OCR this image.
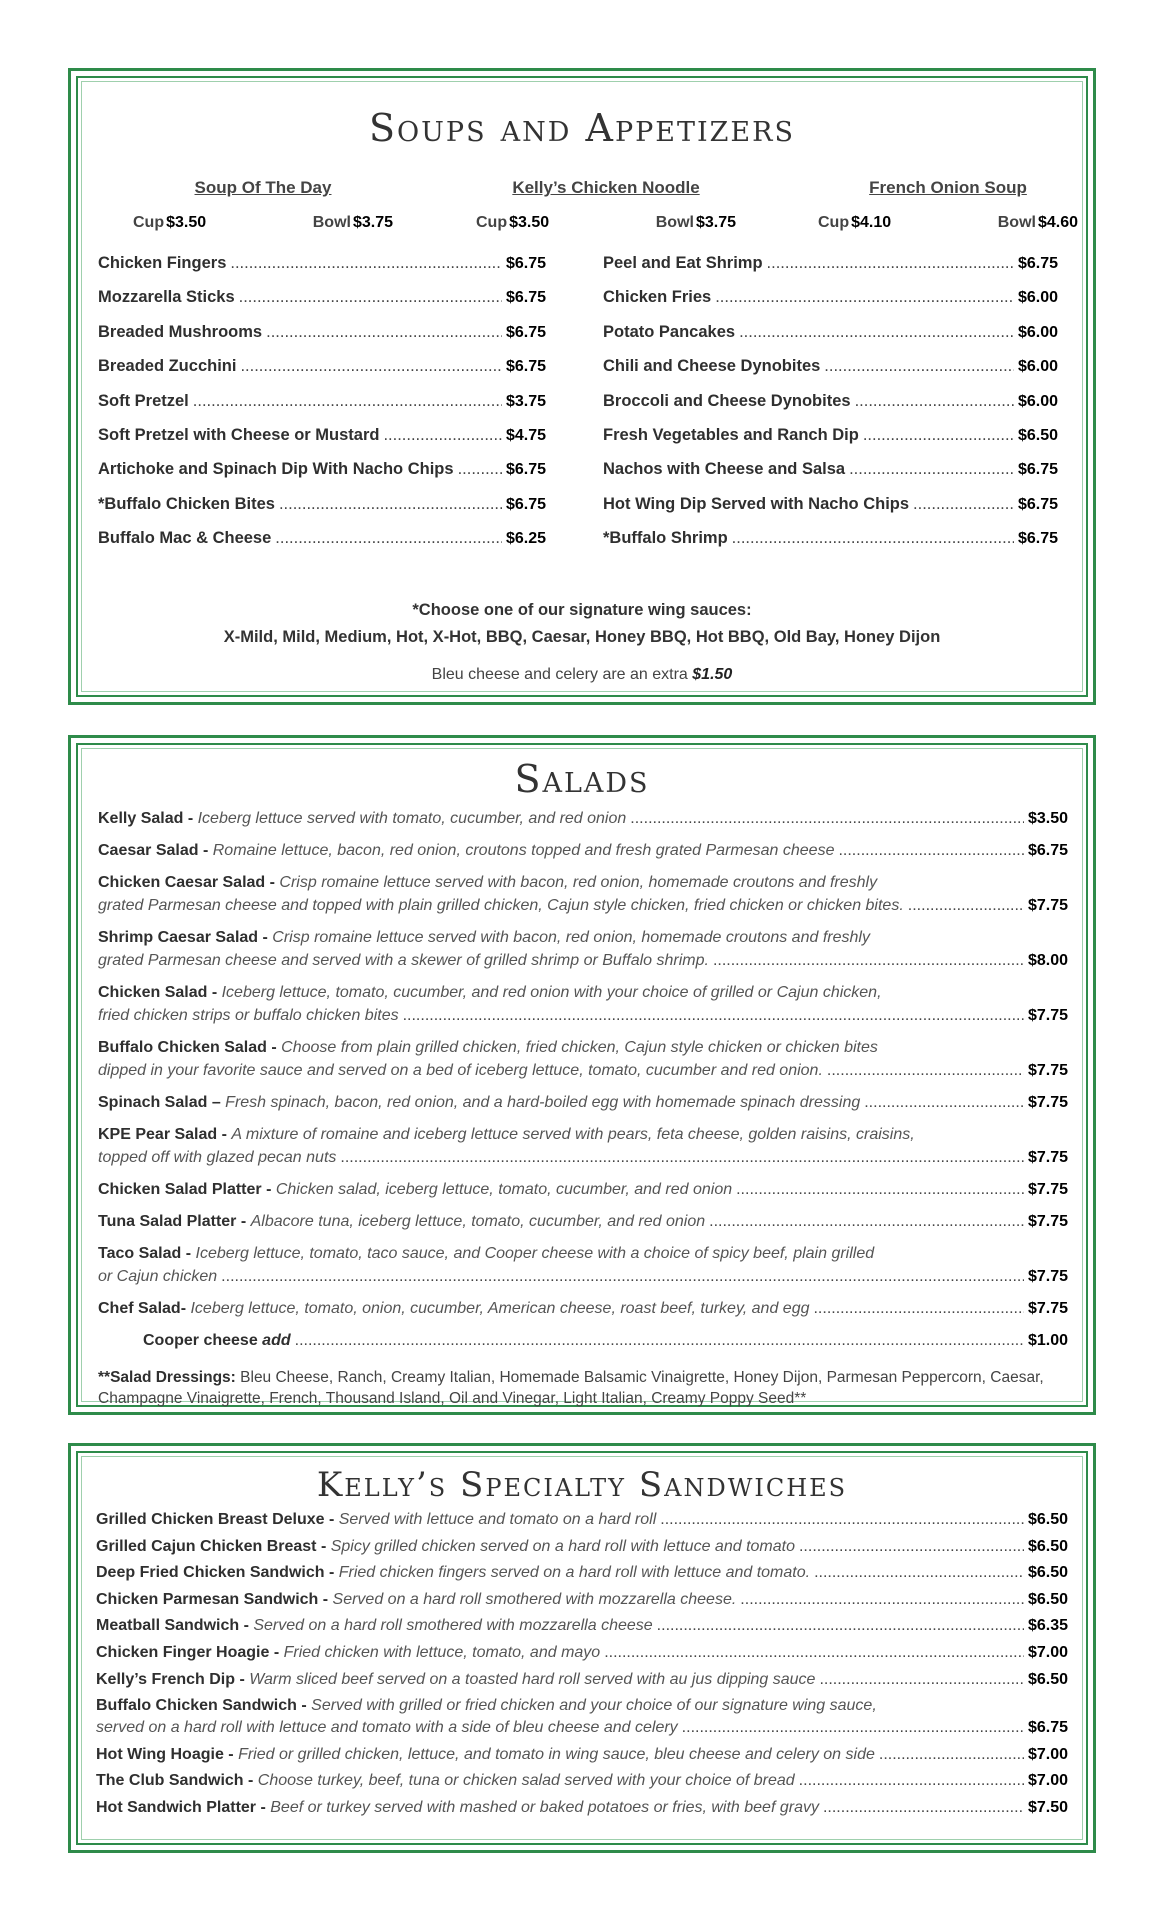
Soups and Appetizers
Soup Of The Day
Cup $3.50	Bowl $3.75
Kelly’s Chicken Noodle
Cup $3.50	Bowl $3.75
French Onion Soup
Cup $4.10	Bowl $4.60
Chicken Fingers .....	$6.75
Mozzarella Sticks .....	$6.75
Breaded Mushrooms .....	$6.75
Breaded Zucchini .....	$6.75
Soft Pretzel .....	$3.75
Soft Pretzel with Cheese or Mustard .....	$4.75
Artichoke and Spinach Dip With Nacho Chips .....	$6.75
*Buffalo Chicken Bites .....	$6.75
Buffalo Mac & Cheese .....	$6.25
Peel and Eat Shrimp .....	$6.75
Chicken Fries .....	$6.00
Potato Pancakes .....	$6.00
Chili and Cheese Dynobites .....	$6.00
Broccoli and Cheese Dynobites .....	$6.00
Fresh Vegetables and Ranch Dip .....	$6.50
Nachos with Cheese and Salsa .....	$6.75
Hot Wing Dip Served with Nacho Chips .....	$6.75
*Buffalo Shrimp .....	$6.75
*Choose one of our signature wing sauces:
X-Mild, Mild, Medium, Hot, X-Hot, BBQ, Caesar, Honey BBQ, Hot BBQ, Old Bay, Honey Dijon
Bleu cheese and celery are an extra $1.50
Salads
Kelly Salad - Iceberg lettuce served with tomato, cucumber, and red onion .....	$3.50
Caesar Salad - Romaine lettuce, bacon, red onion, croutons topped and fresh grated Parmesan cheese .....	$6.75
Chicken Caesar Salad - Crisp romaine lettuce served with bacon, red onion, homemade croutons and freshly
grated Parmesan cheese and topped with plain grilled chicken, Cajun style chicken, fried chicken or chicken bites. .....	$7.75
Shrimp Caesar Salad - Crisp romaine lettuce served with bacon, red onion, homemade croutons and freshly
grated Parmesan cheese and served with a skewer of grilled shrimp or Buffalo shrimp. .....	$8.00
Chicken Salad - Iceberg lettuce, tomato, cucumber, and red onion with your choice of grilled or Cajun chicken,
fried chicken strips or buffalo chicken bites .....	$7.75
Buffalo Chicken Salad - Choose from plain grilled chicken, fried chicken, Cajun style chicken or chicken bites
dipped in your favorite sauce and served on a bed of iceberg lettuce, tomato, cucumber and red onion. .....	$7.75
Spinach Salad – Fresh spinach, bacon, red onion, and a hard-boiled egg with homemade spinach dressing .....	$7.75
KPE Pear Salad - A mixture of romaine and iceberg lettuce served with pears, feta cheese, golden raisins, craisins,
topped off with glazed pecan nuts .....	$7.75
Chicken Salad Platter - Chicken salad, iceberg lettuce, tomato, cucumber, and red onion .....	$7.75
Tuna Salad Platter - Albacore tuna, iceberg lettuce, tomato, cucumber, and red onion .....	$7.75
Taco Salad - Iceberg lettuce, tomato, taco sauce, and Cooper cheese with a choice of spicy beef, plain grilled
or Cajun chicken .....	$7.75
Chef Salad- Iceberg lettuce, tomato, onion, cucumber, American cheese, roast beef, turkey, and egg .....	$7.75
Cooper cheese add .....	$1.00
**Salad Dressings: Bleu Cheese, Ranch, Creamy Italian, Homemade Balsamic Vinaigrette, Honey Dijon, Parmesan Peppercorn, Caesar, Champagne Vinaigrette, French, Thousand Island, Oil and Vinegar, Light Italian, Creamy Poppy Seed**
Kelly’s Specialty Sandwiches
Grilled Chicken Breast Deluxe - Served with lettuce and tomato on a hard roll .....	$6.50
Grilled Cajun Chicken Breast - Spicy grilled chicken served on a hard roll with lettuce and tomato .....	$6.50
Deep Fried Chicken Sandwich - Fried chicken fingers served on a hard roll with lettuce and tomato. .....	$6.50
Chicken Parmesan Sandwich - Served on a hard roll smothered with mozzarella cheese. .....	$6.50
Meatball Sandwich - Served on a hard roll smothered with mozzarella cheese .....	$6.35
Chicken Finger Hoagie - Fried chicken with lettuce, tomato, and mayo .....	$7.00
Kelly’s French Dip - Warm sliced beef served on a toasted hard roll served with au jus dipping sauce .....	$6.50
Buffalo Chicken Sandwich - Served with grilled or fried chicken and your choice of our signature wing sauce,
served on a hard roll with lettuce and tomato with a side of bleu cheese and celery .....	$6.75
Hot Wing Hoagie - Fried or grilled chicken, lettuce, and tomato in wing sauce, bleu cheese and celery on side .....	$7.00
The Club Sandwich - Choose turkey, beef, tuna or chicken salad served with your choice of bread .....	$7.00
Hot Sandwich Platter - Beef or turkey served with mashed or baked potatoes or fries, with beef gravy .....	$7.50
